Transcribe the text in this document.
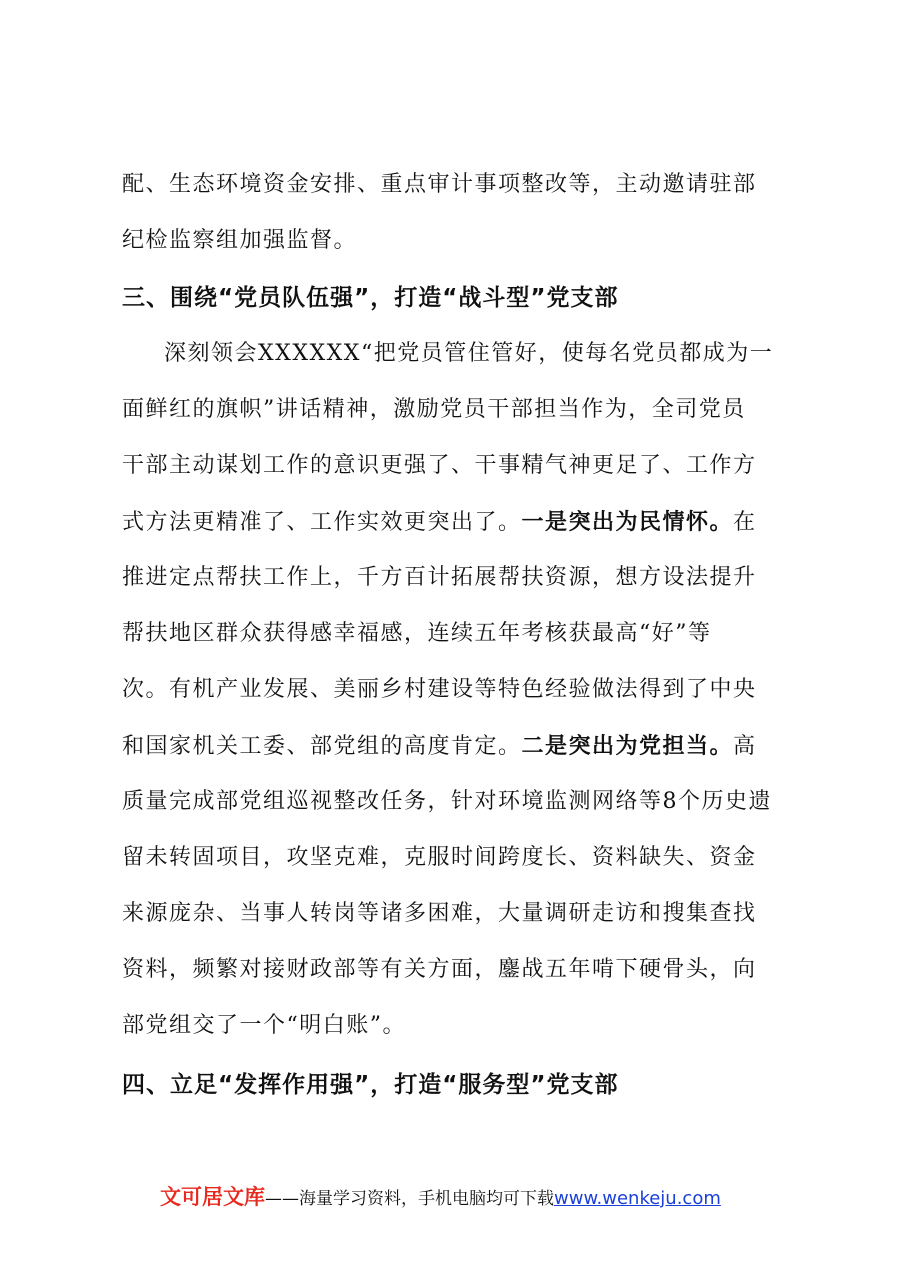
配、生态环境资金安排、重点审计事项整改等，主动邀请驻部
纪检监察组加强监督。
三、围绕“党员队伍强”，打造“战斗型”党支部
深刻领会XXXXXX“把党员管住管好，使每名党员都成为一
面鲜红的旗帜”讲话精神，激励党员干部担当作为，全司党员
干部主动谋划工作的意识更强了、干事精气神更足了、工作方
式方法更精准了、工作实效更突出了。一是突出为民情怀。在
推进定点帮扶工作上，千方百计拓展帮扶资源，想方设法提升
帮扶地区群众获得感幸福感，连续五年考核获最高“好”等
次。有机产业发展、美丽乡村建设等特色经验做法得到了中央
和国家机关工委、部党组的高度肯定。二是突出为党担当。高
质量完成部党组巡视整改任务，针对环境监测网络等8个历史遗
留未转固项目，攻坚克难，克服时间跨度长、资料缺失、资金
来源庞杂、当事人转岗等诸多困难，大量调研走访和搜集查找
资料，频繁对接财政部等有关方面，鏖战五年啃下硬骨头，向
部党组交了一个“明白账”。
四、立足“发挥作用强”，打造“服务型”党支部
文可居文库——海量学习资料，手机电脑均可下载www.wenkeju.com
